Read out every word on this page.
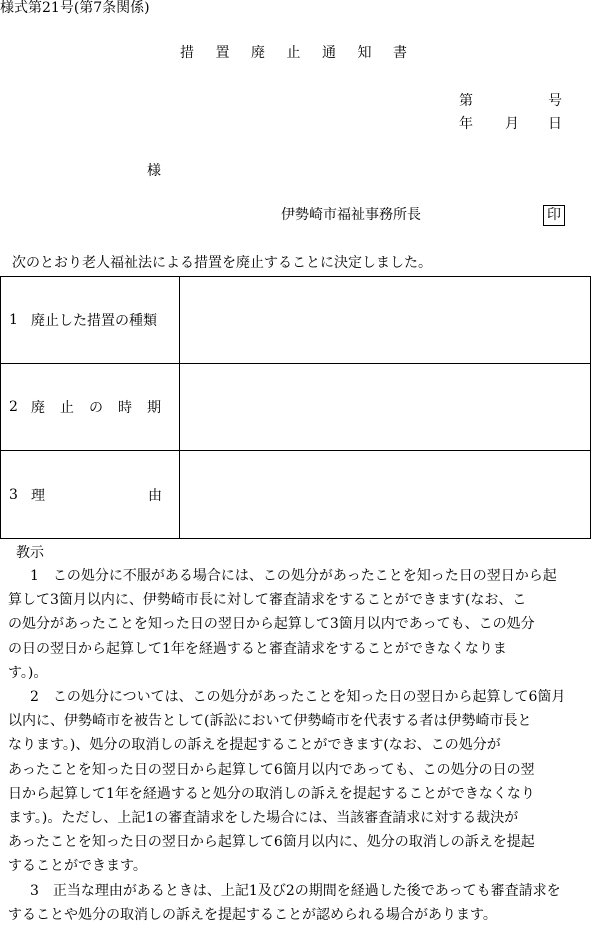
様式第21号(第7条関係)
措置廃止通知書
第	号
年 月 日
様
伊勢崎市福祉事務所長	印
次のとおり老人福祉法による措置を廃止することに決定しました。
1 廃止した措置の種類	

2 廃止の時期	

3 理 由	

教示
1　この処分に不服がある場合には、この処分があったことを知った日の翌日から起
算して3箇月以内に、伊勢崎市長に対して審査請求をすることができます(なお、こ
の処分があったことを知った日の翌日から起算して3箇月以内であっても、この処分
の日の翌日から起算して1年を経過すると審査請求をすることができなくなりま
す。)。
2　この処分については、この処分があったことを知った日の翌日から起算して6箇月
以内に、伊勢崎市を被告として(訴訟において伊勢崎市を代表する者は伊勢崎市長と
なります。)、処分の取消しの訴えを提起することができます(なお、この処分が
あったことを知った日の翌日から起算して6箇月以内であっても、この処分の日の翌
日から起算して1年を経過すると処分の取消しの訴えを提起することができなくなり
ます。)。ただし、上記1の審査請求をした場合には、当該審査請求に対する裁決が
あったことを知った日の翌日から起算して6箇月以内に、処分の取消しの訴えを提起
することができます。
3　正当な理由があるときは、上記1及び2の期間を経過した後であっても審査請求を
することや処分の取消しの訴えを提起することが認められる場合があります。
